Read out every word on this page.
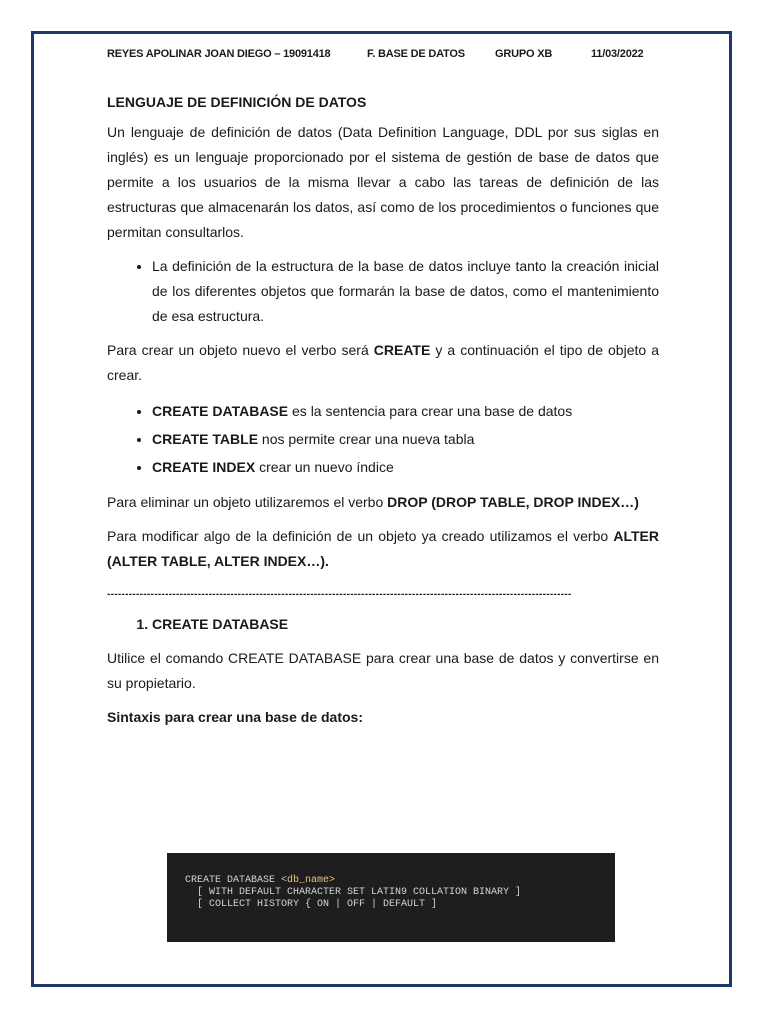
REYES APOLINAR JOAN DIEGO – 19091418	F. BASE DE DATOS	GRUPO XB	11/03/2022
LENGUAJE DE DEFINICIÓN DE DATOS

Un lenguaje de definición de datos (Data Definition Language, DDL por sus siglas en inglés) es un lenguaje proporcionado por el sistema de gestión de base de datos que permite a los usuarios de la misma llevar a cabo las tareas de definición de las estructuras que almacenarán los datos, así como de los procedimientos o funciones que permitan consultarlos.

• La definición de la estructura de la base de datos incluye tanto la creación inicial de los diferentes objetos que formarán la base de datos, como el mantenimiento de esa estructura.

Para crear un objeto nuevo el verbo será CREATE y a continuación el tipo de objeto a crear.

• CREATE DATABASE es la sentencia para crear una base de datos
• CREATE TABLE nos permite crear una nueva tabla
• CREATE INDEX crear un nuevo índice

Para eliminar un objeto utilizaremos el verbo DROP (DROP TABLE, DROP INDEX…)

Para modificar algo de la definición de un objeto ya creado utilizamos el verbo ALTER (ALTER TABLE, ALTER INDEX…).

--------------------------------------------------------------------------------------------------------------------------------
1. CREATE DATABASE

Utilice el comando CREATE DATABASE para crear una base de datos y convertirse en su propietario.

Sintaxis para crear una base de datos:

CREATE DATABASE <db_name>
[ WITH DEFAULT CHARACTER SET LATIN9 COLLATION BINARY ]
[ COLLECT HISTORY { ON | OFF | DEFAULT ]
